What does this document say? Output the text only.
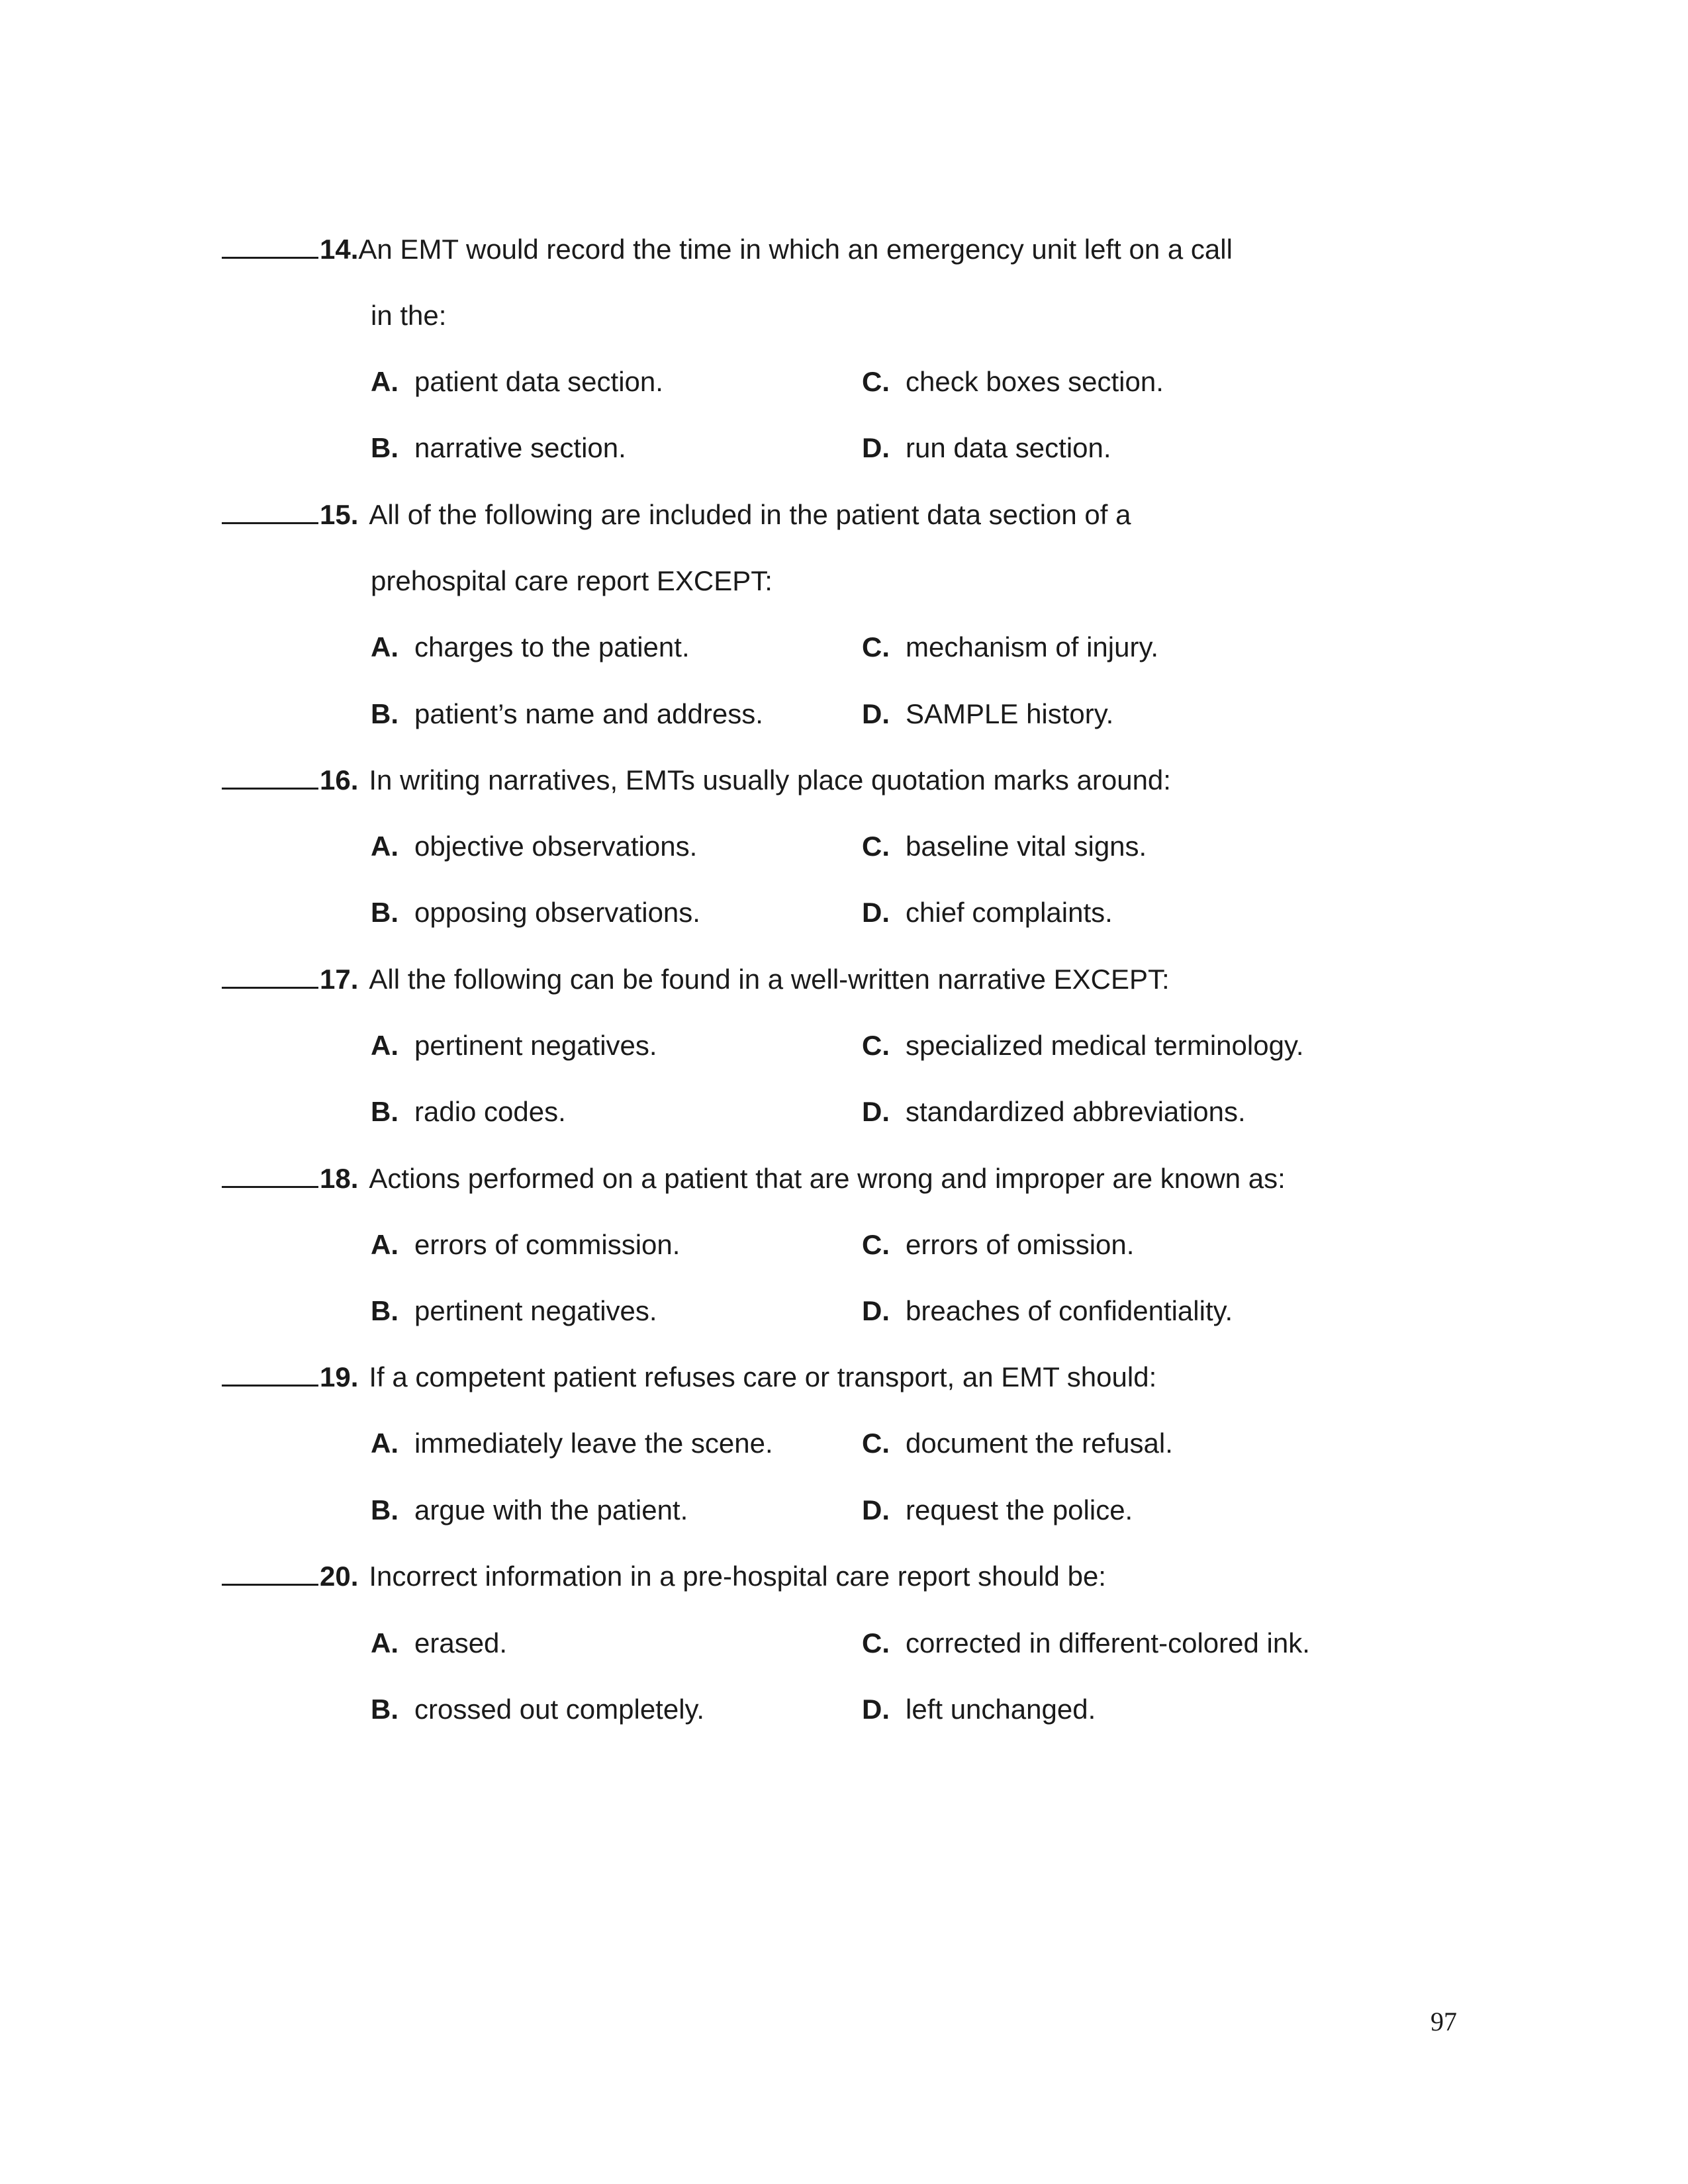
14.An EMT would record the time in which an emergency unit left on a call
in the:
A. patient data section.	C. check boxes section.
B. narrative section.	D. run data section.
15. All of the following are included in the patient data section of a
prehospital care report EXCEPT:
A. charges to the patient.	C. mechanism of injury.
B. patient’s name and address.	D. SAMPLE history.
16. In writing narratives, EMTs usually place quotation marks around:
A. objective observations.	C. baseline vital signs.
B. opposing observations.	D. chief complaints.
17. All the following can be found in a well-written narrative EXCEPT:
A. pertinent negatives.	C. specialized medical terminology.
B. radio codes.	D. standardized abbreviations.
18. Actions performed on a patient that are wrong and improper are known as:
A. errors of commission.	C. errors of omission.
B. pertinent negatives.	D. breaches of confidentiality.
19. If a competent patient refuses care or transport, an EMT should:
A. immediately leave the scene.	C. document the refusal.
B. argue with the patient.	D. request the police.
20. Incorrect information in a pre-hospital care report should be:
A. erased.	C. corrected in different-colored ink.
B. crossed out completely.	D. left unchanged.
97
